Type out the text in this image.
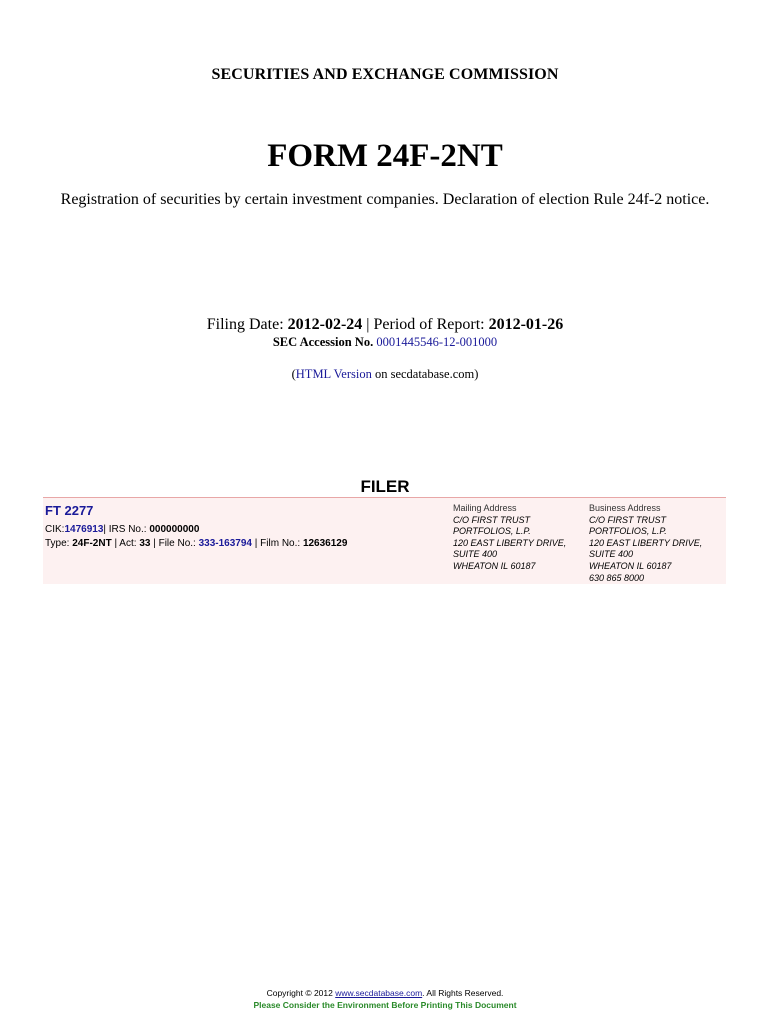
SECURITIES AND EXCHANGE COMMISSION
FORM 24F-2NT
Registration of securities by certain investment companies. Declaration of election Rule 24f-2 notice.
Filing Date: 2012-02-24 | Period of Report: 2012-01-26
SEC Accession No. 0001445546-12-001000
(HTML Version on secdatabase.com)
FILER
FT 2277
CIK:1476913| IRS No.: 000000000
Type: 24F-2NT | Act: 33 | File No.: 333-163794 | Film No.: 12636129
Mailing Address
C/O FIRST TRUST
PORTFOLIOS, L.P.
120 EAST LIBERTY DRIVE,
SUITE 400
WHEATON IL 60187
Business Address
C/O FIRST TRUST
PORTFOLIOS, L.P.
120 EAST LIBERTY DRIVE,
SUITE 400
WHEATON IL 60187
630 865 8000
Copyright © 2012 www.secdatabase.com. All Rights Reserved.
Please Consider the Environment Before Printing This Document
